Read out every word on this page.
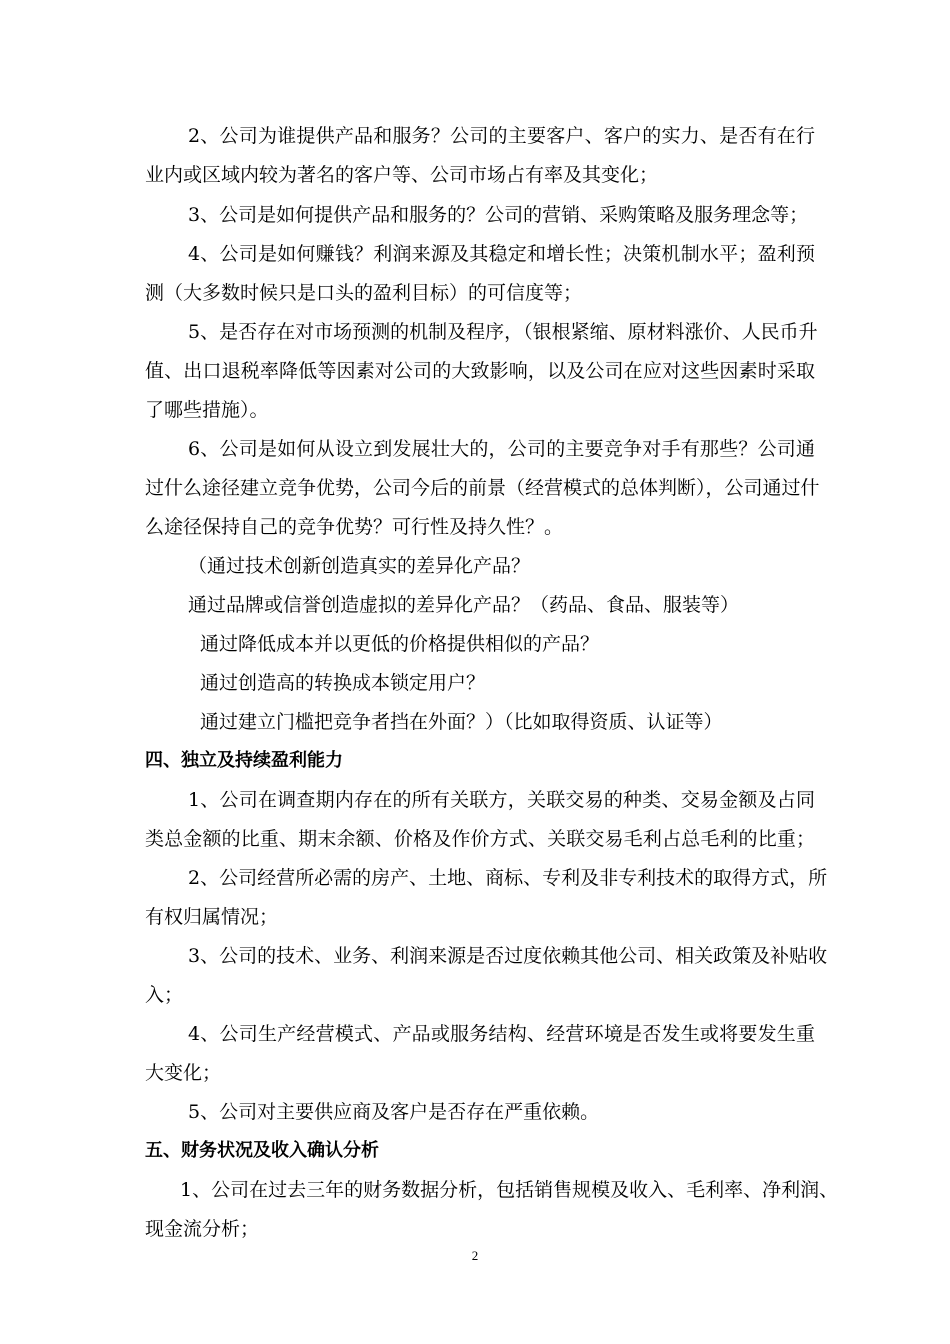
2、公司为谁提供产品和服务？公司的主要客户、客户的实力、是否有在行
业内或区域内较为著名的客户等、公司市场占有率及其变化；
3、公司是如何提供产品和服务的？公司的营销、采购策略及服务理念等；
4、公司是如何赚钱？利润来源及其稳定和增长性；决策机制水平；盈利预
测（大多数时候只是口头的盈利目标）的可信度等；
5、是否存在对市场预测的机制及程序，（银根紧缩、原材料涨价、人民币升
值、出口退税率降低等因素对公司的大致影响，以及公司在应对这些因素时采取
了哪些措施）。
6、公司是如何从设立到发展壮大的，公司的主要竞争对手有那些？公司通
过什么途径建立竞争优势，公司今后的前景（经营模式的总体判断），公司通过什
么途径保持自己的竞争优势？可行性及持久性？。
（通过技术创新创造真实的差异化产品？
通过品牌或信誉创造虚拟的差异化产品？（药品、食品、服装等）
通过降低成本并以更低的价格提供相似的产品？
通过创造高的转换成本锁定用户？
通过建立门槛把竞争者挡在外面？）（比如取得资质、认证等）
四、独立及持续盈利能力
1、公司在调查期内存在的所有关联方，关联交易的种类、交易金额及占同
类总金额的比重、期末余额、价格及作价方式、关联交易毛利占总毛利的比重；
2、公司经营所必需的房产、土地、商标、专利及非专利技术的取得方式，所
有权归属情况；
3、公司的技术、业务、利润来源是否过度依赖其他公司、相关政策及补贴收
入；
4、公司生产经营模式、产品或服务结构、经营环境是否发生或将要发生重
大变化；
5、公司对主要供应商及客户是否存在严重依赖。
五、财务状况及收入确认分析
1、公司在过去三年的财务数据分析，包括销售规模及收入、毛利率、净利润、
现金流分析；
2
